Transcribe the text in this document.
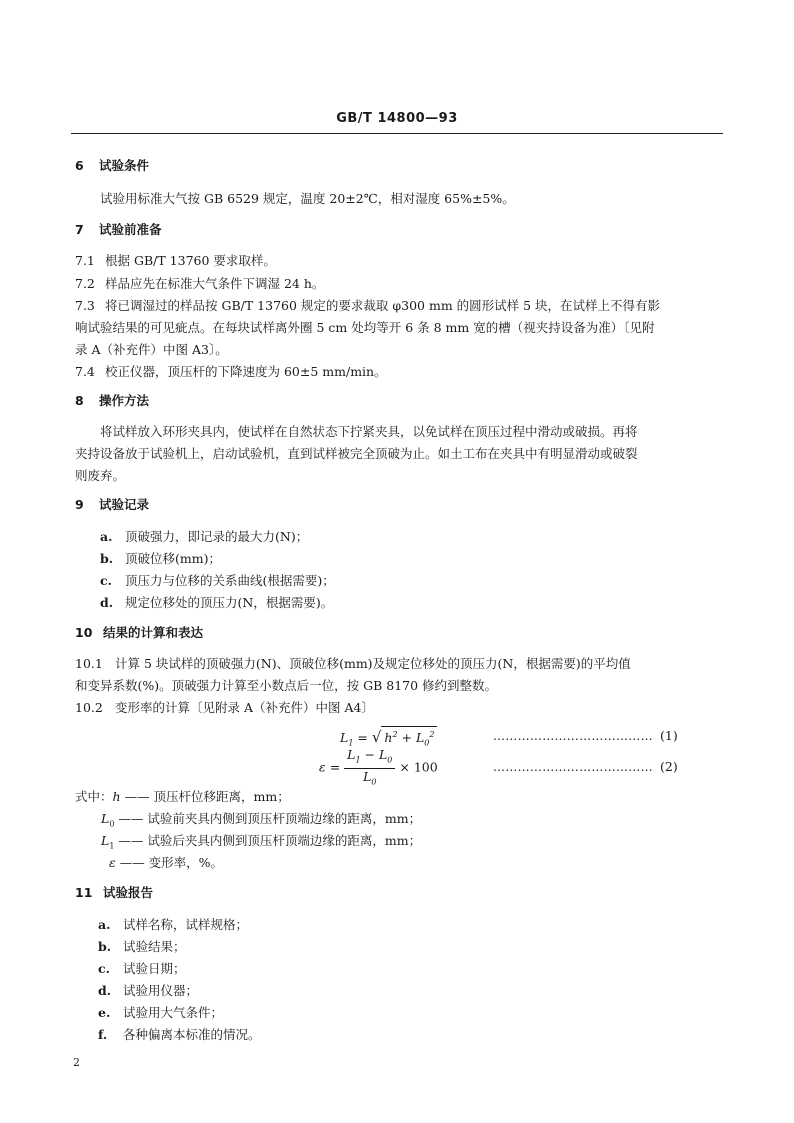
GB/T 14800—93
6 试验条件
试验用标准大气按 GB 6529 规定，温度 20±2℃，相对湿度 65%±5%。
7 试验前准备
7.1 根据 GB/T 13760 要求取样。
7.2 样品应先在标准大气条件下调湿 24 h。
7.3 将已调湿过的样品按 GB/T 13760 规定的要求裁取 φ300 mm 的圆形试样 5 块，在试样上不得有影
响试验结果的可见疵点。在每块试样离外圈 5 cm 处均等开 6 条 8 mm 宽的槽（视夹持设备为准）〔见附
录 A（补充件）中图 A3〕。
7.4 校正仪器，顶压杆的下降速度为 60±5 mm/min。
8 操作方法
将试样放入环形夹具内，使试样在自然状态下拧紧夹具，以免试样在顶压过程中滑动或破损。再将
夹持设备放于试验机上，启动试验机，直到试样被完全顶破为止。如土工布在夹具中有明显滑动或破裂
则废弃。
9 试验记录
a. 顶破强力，即记录的最大力(N)；
b. 顶破位移(mm)；
c. 顶压力与位移的关系曲线(根据需要)；
d. 规定位移处的顶压力(N，根据需要)。
10 结果的计算和表达
10.1 计算 5 块试样的顶破强力(N)、顶破位移(mm)及规定位移处的顶压力(N，根据需要)的平均值
和变异系数(%)。顶破强力计算至小数点后一位，按 GB 8170 修约到整数。
10.2 变形率的计算〔见附录 A（补充件）中图 A4〕
$L_1$ = √ $h^2 + L_0^2$	………………………………… (1)
$\varepsilon = \frac{L_1 - L_0}{L_0} \times 100$	………………………………… (2)
式中：h —— 顶压杆位移距离，mm；
$L_0$ —— 试验前夹具内侧到顶压杆顶端边缘的距离，mm；
$L_1$ —— 试验后夹具内侧到顶压杆顶端边缘的距离，mm；
ε —— 变形率，%。
11 试验报告
a. 试样名称，试样规格；
b. 试验结果；
c. 试验日期；
d. 试验用仪器；
e. 试验用大气条件；
f. 各种偏离本标准的情况。
2
